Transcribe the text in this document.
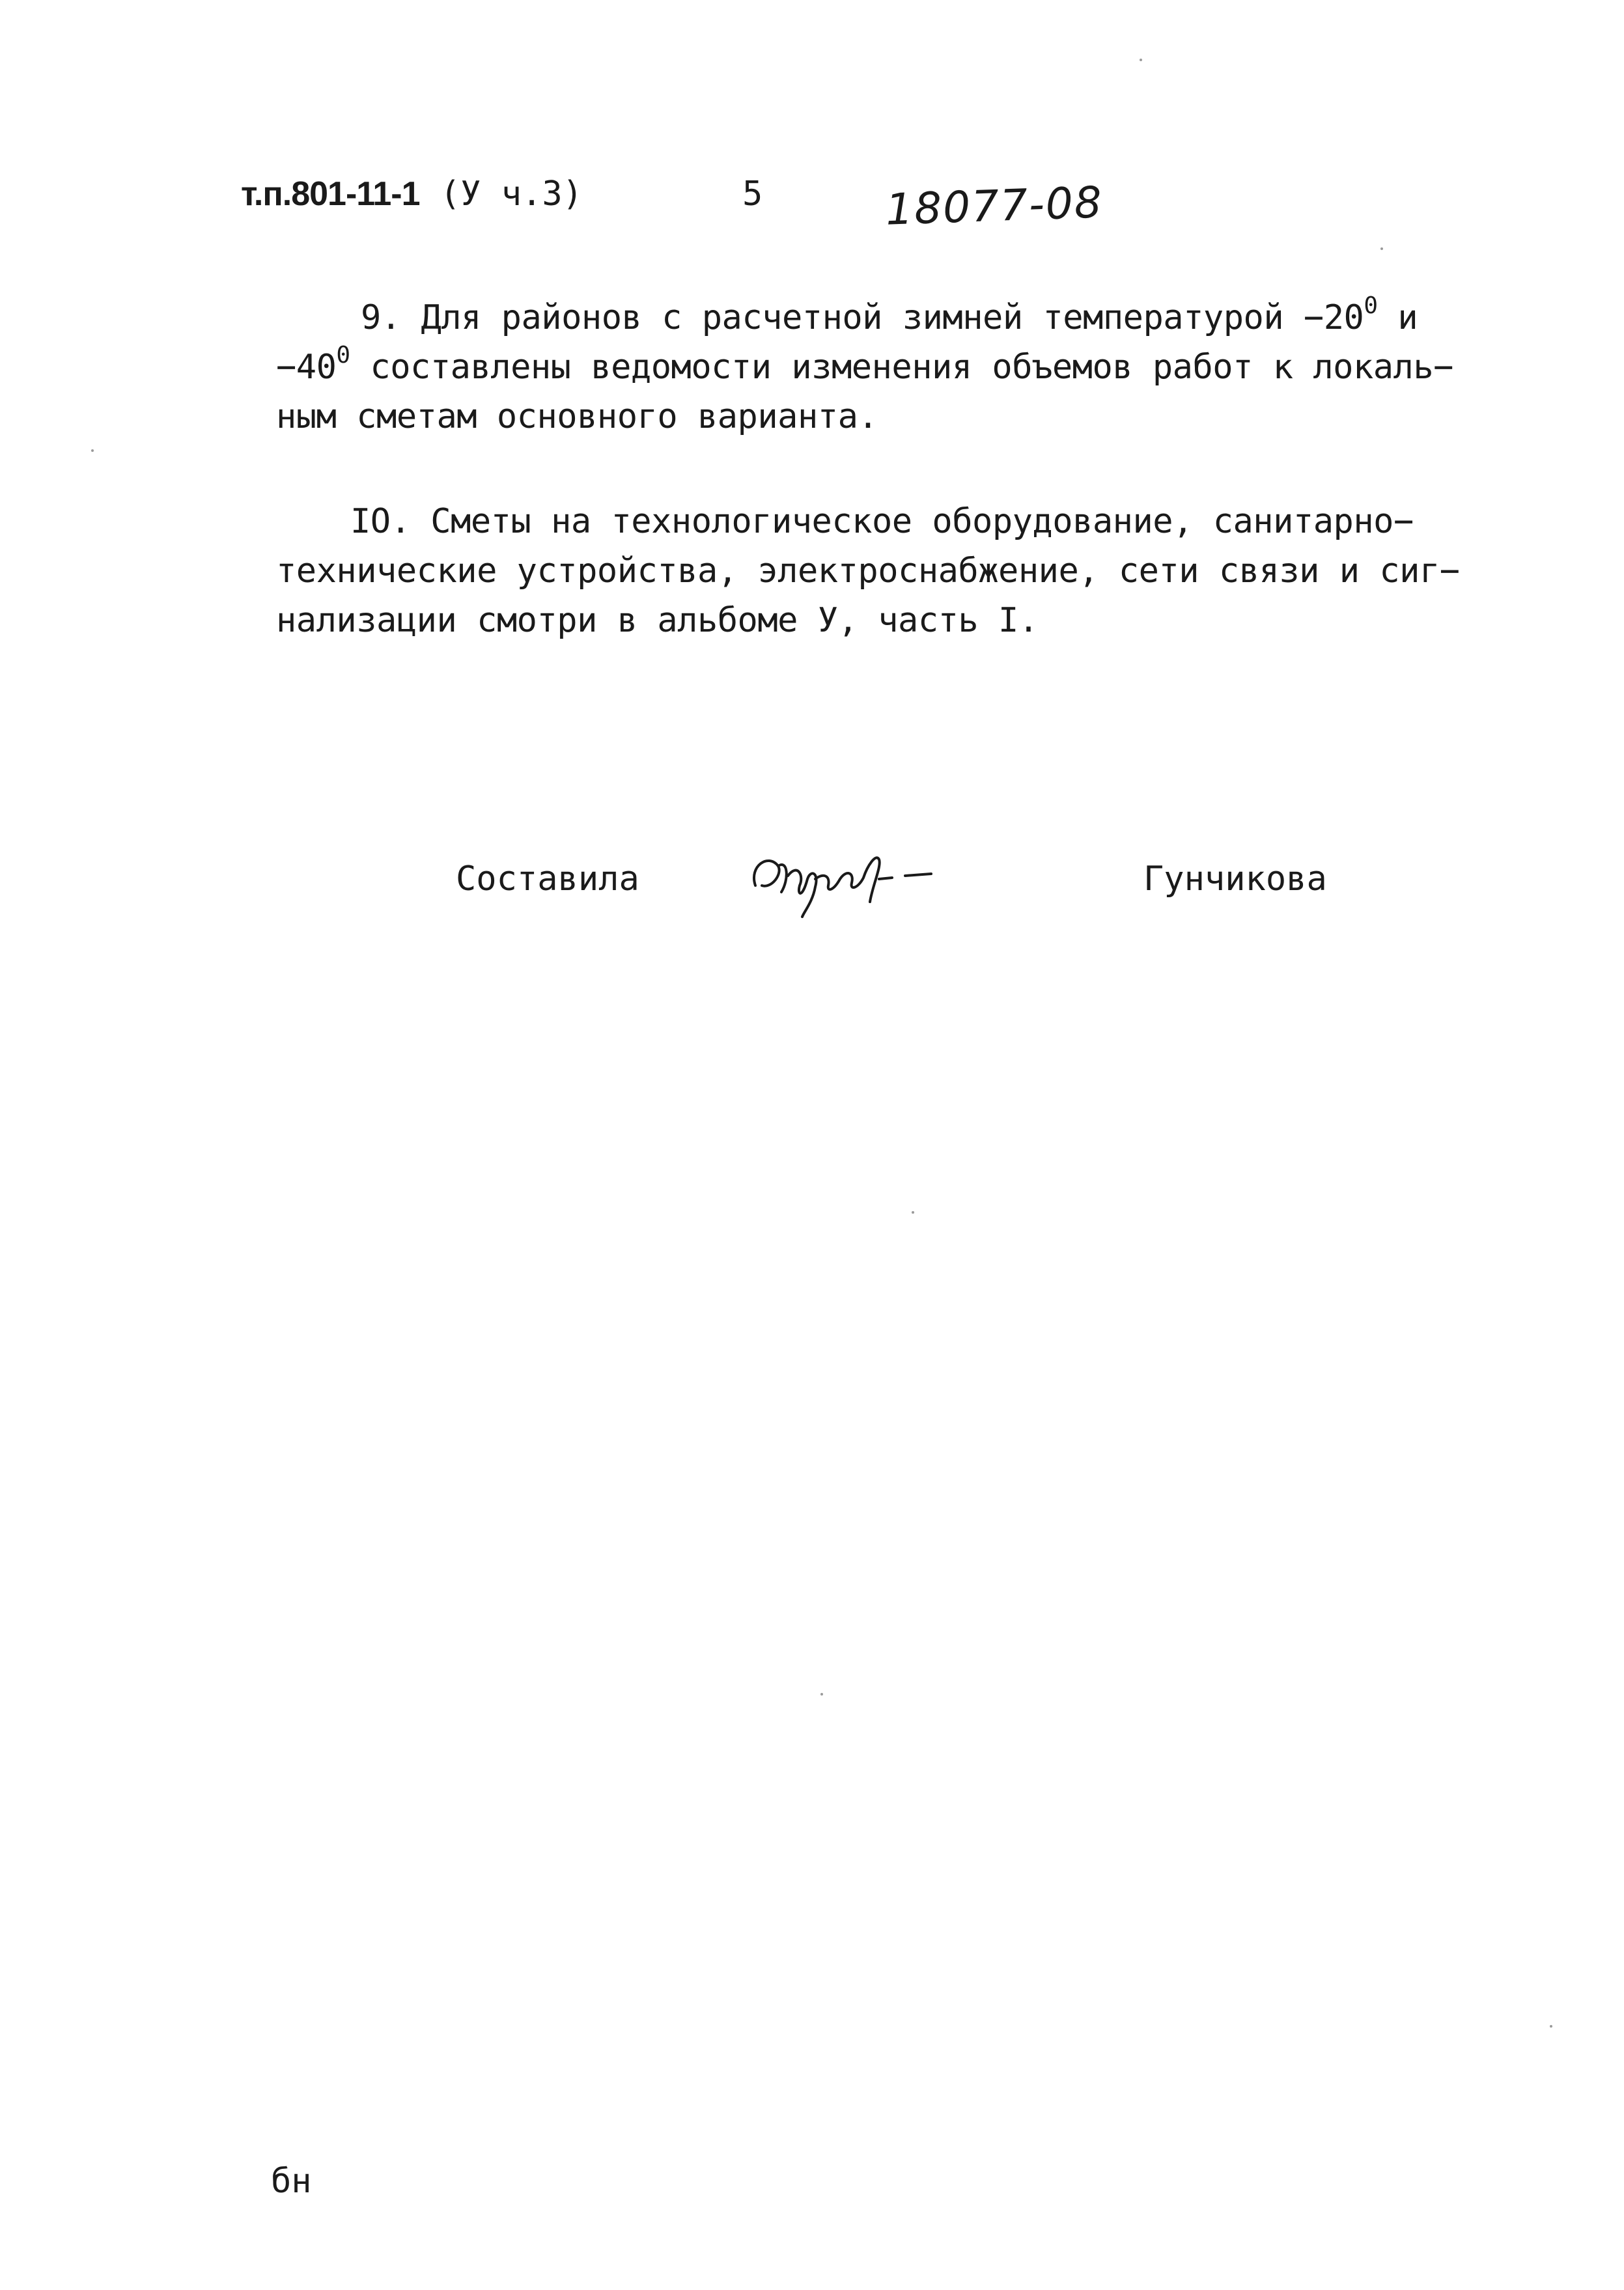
т.п.801-11-1 (У ч.3)	5	18077-08
9. Для районов с расчетной зимней температурой $-20^0$ и
$-40^0$ составлены ведомости изменения объемов работ к локаль−
ным сметам основного варианта.
IO. Сметы на технологическое оборудование, санитарно−
технические устройства, электроснабжение, сети связи и сиг−
нализации смотри в альбоме У, часть I.
Составила	Гунчикова
бн
